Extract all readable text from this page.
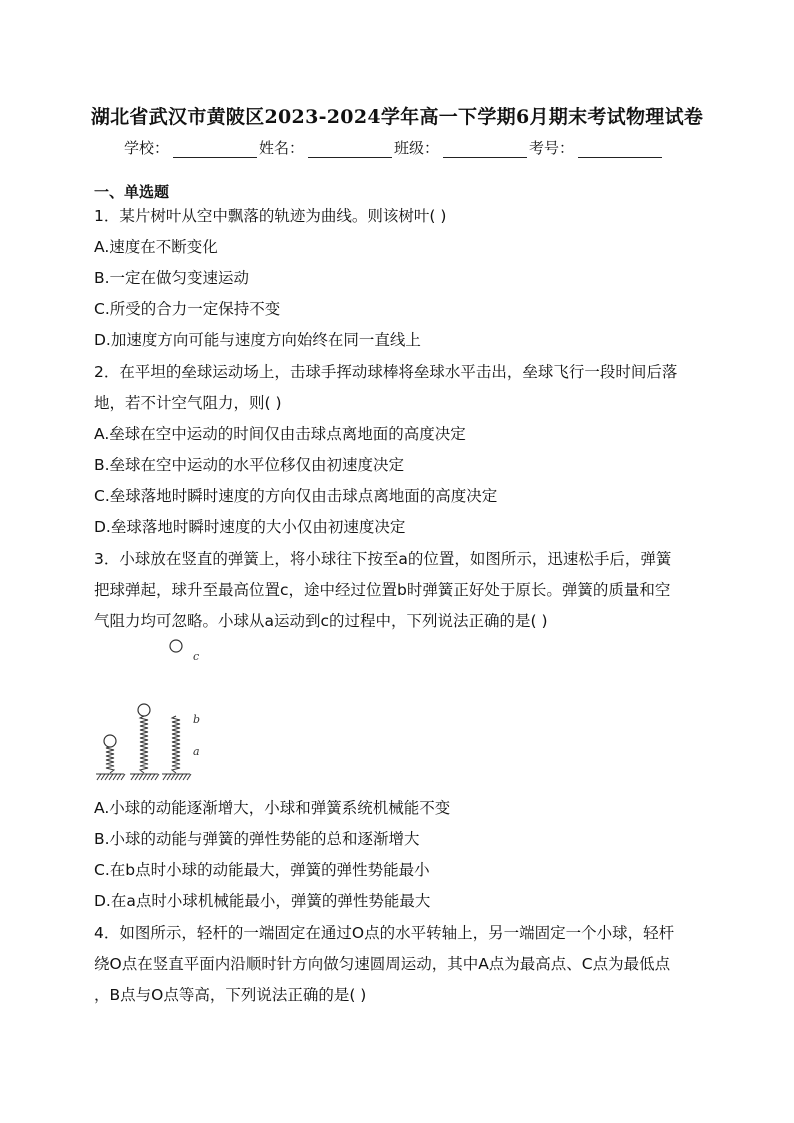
湖北省武汉市黄陂区2023-2024学年高一下学期6月期末考试物理试卷
学校：	姓名：	班级：	考号：
一、单选题
1．某片树叶从空中飘落的轨迹为曲线。则该树叶( )
A.速度在不断变化
B.一定在做匀变速运动
C.所受的合力一定保持不变
D.加速度方向可能与速度方向始终在同一直线上
2．在平坦的垒球运动场上，击球手挥动球棒将垒球水平击出，垒球飞行一段时间后落
地，若不计空气阻力，则( )
A.垒球在空中运动的时间仅由击球点离地面的高度决定
B.垒球在空中运动的水平位移仅由初速度决定
C.垒球落地时瞬时速度的方向仅由击球点离地面的高度决定
D.垒球落地时瞬时速度的大小仅由初速度决定
3．小球放在竖直的弹簧上，将小球往下按至a的位置，如图所示，迅速松手后，弹簧
把球弹起，球升至最高位置c，途中经过位置b时弹簧正好处于原长。弹簧的质量和空
气阻力均可忽略。小球从a运动到c的过程中，下列说法正确的是( )
c
b
a
A.小球的动能逐渐增大，小球和弹簧系统机械能不变
B.小球的动能与弹簧的弹性势能的总和逐渐增大
C.在b点时小球的动能最大，弹簧的弹性势能最小
D.在a点时小球机械能最小，弹簧的弹性势能最大
4．如图所示，轻杆的一端固定在通过O点的水平转轴上，另一端固定一个小球，轻杆
绕O点在竖直平面内沿顺时针方向做匀速圆周运动，其中A点为最高点、C点为最低点
，B点与O点等高，下列说法正确的是( )
